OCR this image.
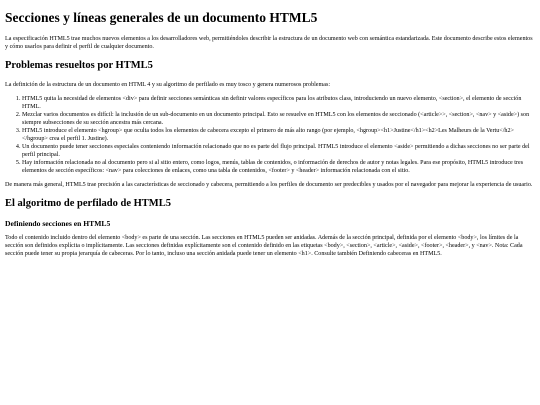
Secciones y líneas generales de un documento HTML5

La especificación HTML5 trae muchos nuevos elementos a los desarrolladores web, permitiéndoles describir la estructura de un documento web con semántica estandarizada. Este documento describe estos elementos y cómo usarlos para definir el perfil de cualquier documento.

Problemas resueltos por HTML5

La definición de la estructura de un documento en HTML 4 y su algoritmo de perfilado es muy tosco y genera numerosos problemas:

1. HTML5 quita la necesidad de elementos <div> para definir secciones semánticas sin definir valores específicos para los atributos class, introduciendo un nuevo elemento, <section>, el elemento de sección HTML.
2. Mezclar varios documentos es difícil: la inclusión de un sub-documento en un documento principal. Esto se resuelve en HTML5 con los elementos de seccionado (<article>>, <section>, <nav> y <aside>) son siempre subsecciones de su sección ancestra más cercana.
3. HTML5 introduce el elemento <hgroup> que oculta todos los elementos de cabecera excepto el primero de más alto rango (por ejemplo, <hgroup><h1>Justine</h1><h2>Les Malheurs de la Vertu</h2></hgroup> crea el perfil 1. Justine).
4. Un documento puede tener secciones especiales conteniendo información relacionado que no es parte del flujo principal. HTML5 introduce el elemento <aside> permitiendo a dichas secciones no ser parte del perfil principal.
5. Hay información relacionada no al documento pero si al sitio entero, como logos, menús, tablas de contenidos, o información de derechos de autor y notas legales. Para ese propósito, HTML5 introduce tres elementos de sección específicos: <nav> para colecciones de enlaces, como una tabla de contenidos, <footer> y <header> información relacionada con el sitio.

De manera más general, HTML5 trae precisión a las características de seccionado y cabecera, permitiendo a los perfiles de documento ser predecibles y usados por el navegador para mejorar la experiencia de usuario.

El algoritmo de perfilado de HTML5
Definiendo secciones en HTML5

Todo el contenido incluido dentro del elemento <body> es parte de una sección. Las secciones en HTML5 pueden ser anidadas. Además de la sección principal, definida por el elemento <body>, los límites de la sección son definidos explícita o implícitamente. Las secciones definidas explícitamente son el contenido definido en las etiquetas <body>, <section>, <article>, <aside>, <footer>, <header>, y <nav>. Nota: Cada sección puede tener su propia jerarquía de cabeceras. Por lo tanto, incluso una sección anidada puede tener un elemento <h1>. Consulte también Definiendo cabeceras en HTML5.
